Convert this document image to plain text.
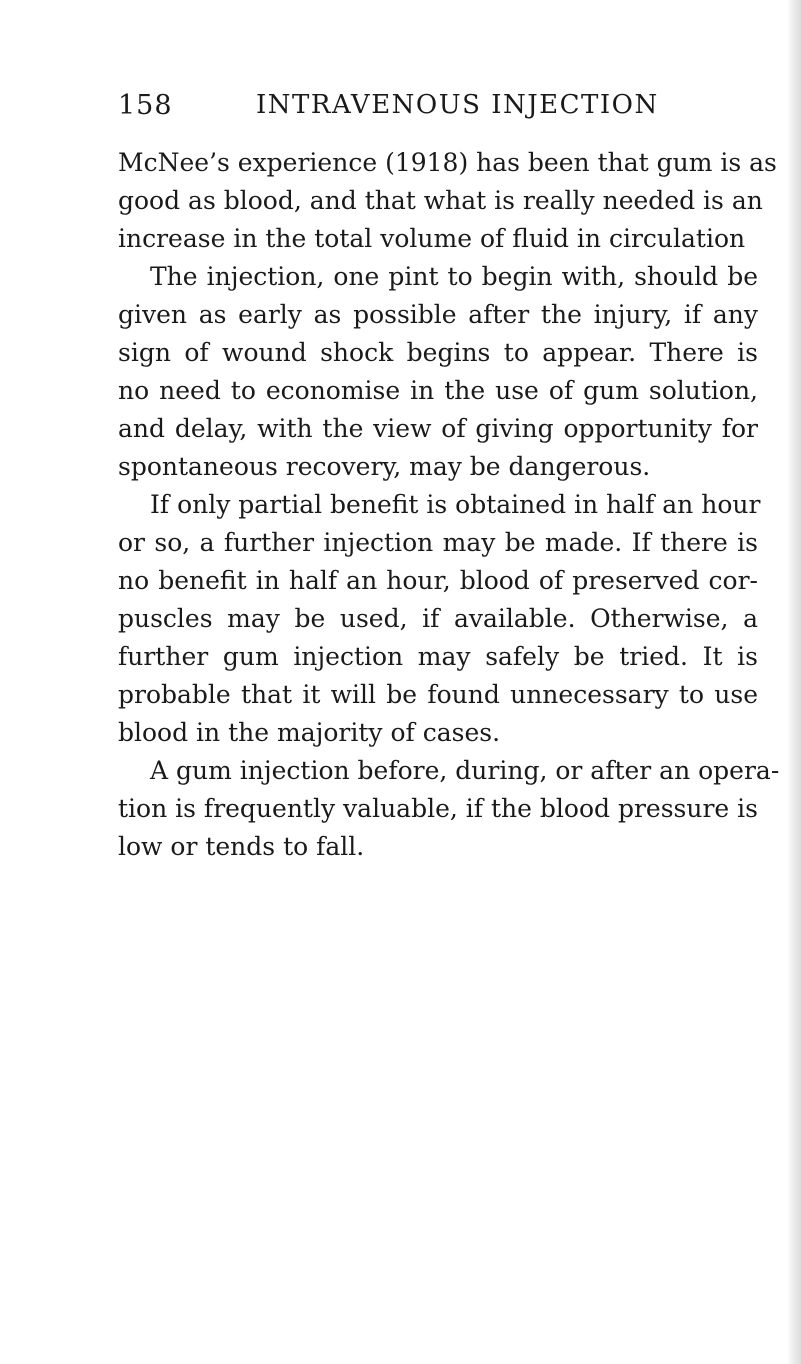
158	INTRAVENOUS INJECTION
McNee’s experience (1918) has been that gum is as
good as blood, and that what is really needed is an
increase in the total volume of fluid in circulation
The injection, one pint to begin with, should be
given as early as possible after the injury, if any
sign of wound shock begins to appear. There is
no need to economise in the use of gum solution,
and delay, with the view of giving opportunity for
spontaneous recovery, may be dangerous.
If only partial benefit is obtained in half an hour
or so, a further injection may be made. If there is
no benefit in half an hour, blood of preserved cor-
puscles may be used, if available. Otherwise, a
further gum injection may safely be tried. It is
probable that it will be found unnecessary to use
blood in the majority of cases.
A gum injection before, during, or after an opera-
tion is frequently valuable, if the blood pressure is
low or tends to fall.
